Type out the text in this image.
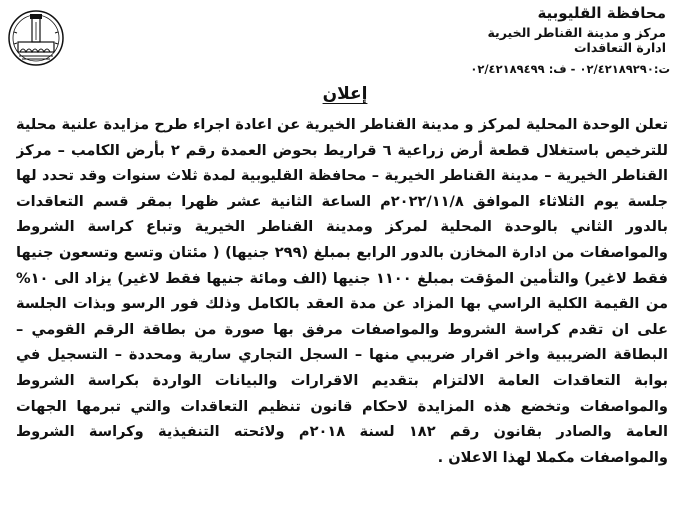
محافظة القليوبية
مركز و مدينة القناطر الخيرية
ادارة التعاقدات
ت:٠٢/٤٢١٨٩٢٩٠ - ف: ٠٢/٤٢١٨٩٤٩٩
إعلان
تعلن الوحدة المحلية لمركز و مدينة القناطر الخيرية عن اعادة اجراء طرح مزايدة علنية محلية للترخيص باستغلال قطعة أرض زراعية ٦ قراريط بحوض العمدة رقم ٢ بأرض الكامب – مركز القناطر الخيرية – مدينة القناطر الخيرية – محافظة القليوبية لمدة ثلاث سنوات وقد تحدد لها جلسة يوم الثلاثاء الموافق ٢٠٢٢/١١/٨م الساعة الثانية عشر ظهرا بمقر قسم التعاقدات بالدور الثاني بالوحدة المحلية لمركز ومدينة القناطر الخيرية وتباع كراسة الشروط والمواصفات من ادارة المخازن بالدور الرابع بمبلغ (٢٩٩ جنيها) ( مئتان وتسع وتسعون جنيها فقط لاغير) والتأمين المؤقت بمبلغ ١١٠٠ جنيها (الف ومائة جنيها فقط لاغير) يزاد الى ١٠% من القيمة الكلية الراسي بها المزاد عن مدة العقد بالكامل وذلك فور الرسو وبذات الجلسة على ان تقدم كراسة الشروط والمواصفات مرفق بها صورة من بطاقة الرقم القومي – البطاقة الضريبية واخر اقرار ضريبي منها – السجل التجاري سارية ومحددة – التسجيل في بوابة التعاقدات العامة الالتزام بتقديم الاقرارات والبيانات الواردة بكراسة الشروط والمواصفات وتخضع هذه المزايدة لاحكام قانون تنظيم التعاقدات والتي تبرمها الجهات العامة والصادر بقانون رقم ١٨٢ لسنة ٢٠١٨م ولائحته التنفيذية وكراسة الشروط والمواصفات مكملا لهذا الاعلان .
